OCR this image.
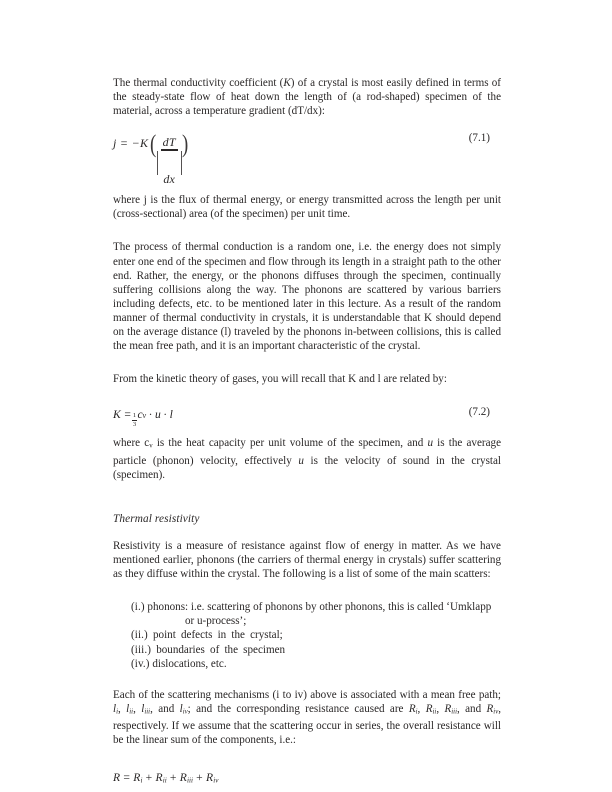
The thermal conductivity coefficient (K) of a crystal is most easily defined in terms of the steady-state flow of heat down the length of (a rod-shaped) specimen of the material, across a temperature gradient (dT/dx):

j = −K ( $\frac{dT}{dx}$ )	(7.1)

where j is the flux of thermal energy, or energy transmitted across the length per unit (cross-sectional) area (of the specimen) per unit time.

The process of thermal conduction is a random one, i.e. the energy does not simply enter one end of the specimen and flow through its length in a straight path to the other end. Rather, the energy, or the phonons diffuses through the specimen, continually suffering collisions along the way. The phonons are scattered by various barriers including defects, etc. to be mentioned later in this lecture. As a result of the random manner of thermal conductivity in crystals, it is understandable that K should depend on the average distance (l) traveled by the phonons in-between collisions, this is called the mean free path, and it is an important characteristic of the crystal.

From the kinetic theory of gases, you will recall that K and l are related by:

$K = \frac{1}{3}$ c v · u · l	(7.2)

where $c_v$ is the heat capacity per unit volume of the specimen, and u is the average particle (phonon) velocity, effectively u is the velocity of sound in the crystal (specimen).

Thermal resistivity

Resistivity is a measure of resistance against flow of energy in matter. As we have mentioned earlier, phonons (the carriers of thermal energy in crystals) suffer scattering as they diffuse within the crystal. The following is a list of some of the main scatters:

(i.) phonons: i.e. scattering of phonons by other phonons, this is called ‘Umklapp
or u-process’;
(ii.) point defects in the crystal;
(iii.) boundaries of the specimen
(iv.) dislocations, etc.

Each of the scattering mechanisms (i to iv) above is associated with a mean free path; $l_i$, $l_{ii}$, $l_{iii}$, and $l_{iv}$; and the corresponding resistance caused are $R_i$, $R_{ii}$, $R_{iii}$, and $R_{iv}$, respectively. If we assume that the scattering occur in series, the overall resistance will be the linear sum of the components, i.e.:

$R = R_i + R_{ii} + R_{iii} + R_{iv}$
